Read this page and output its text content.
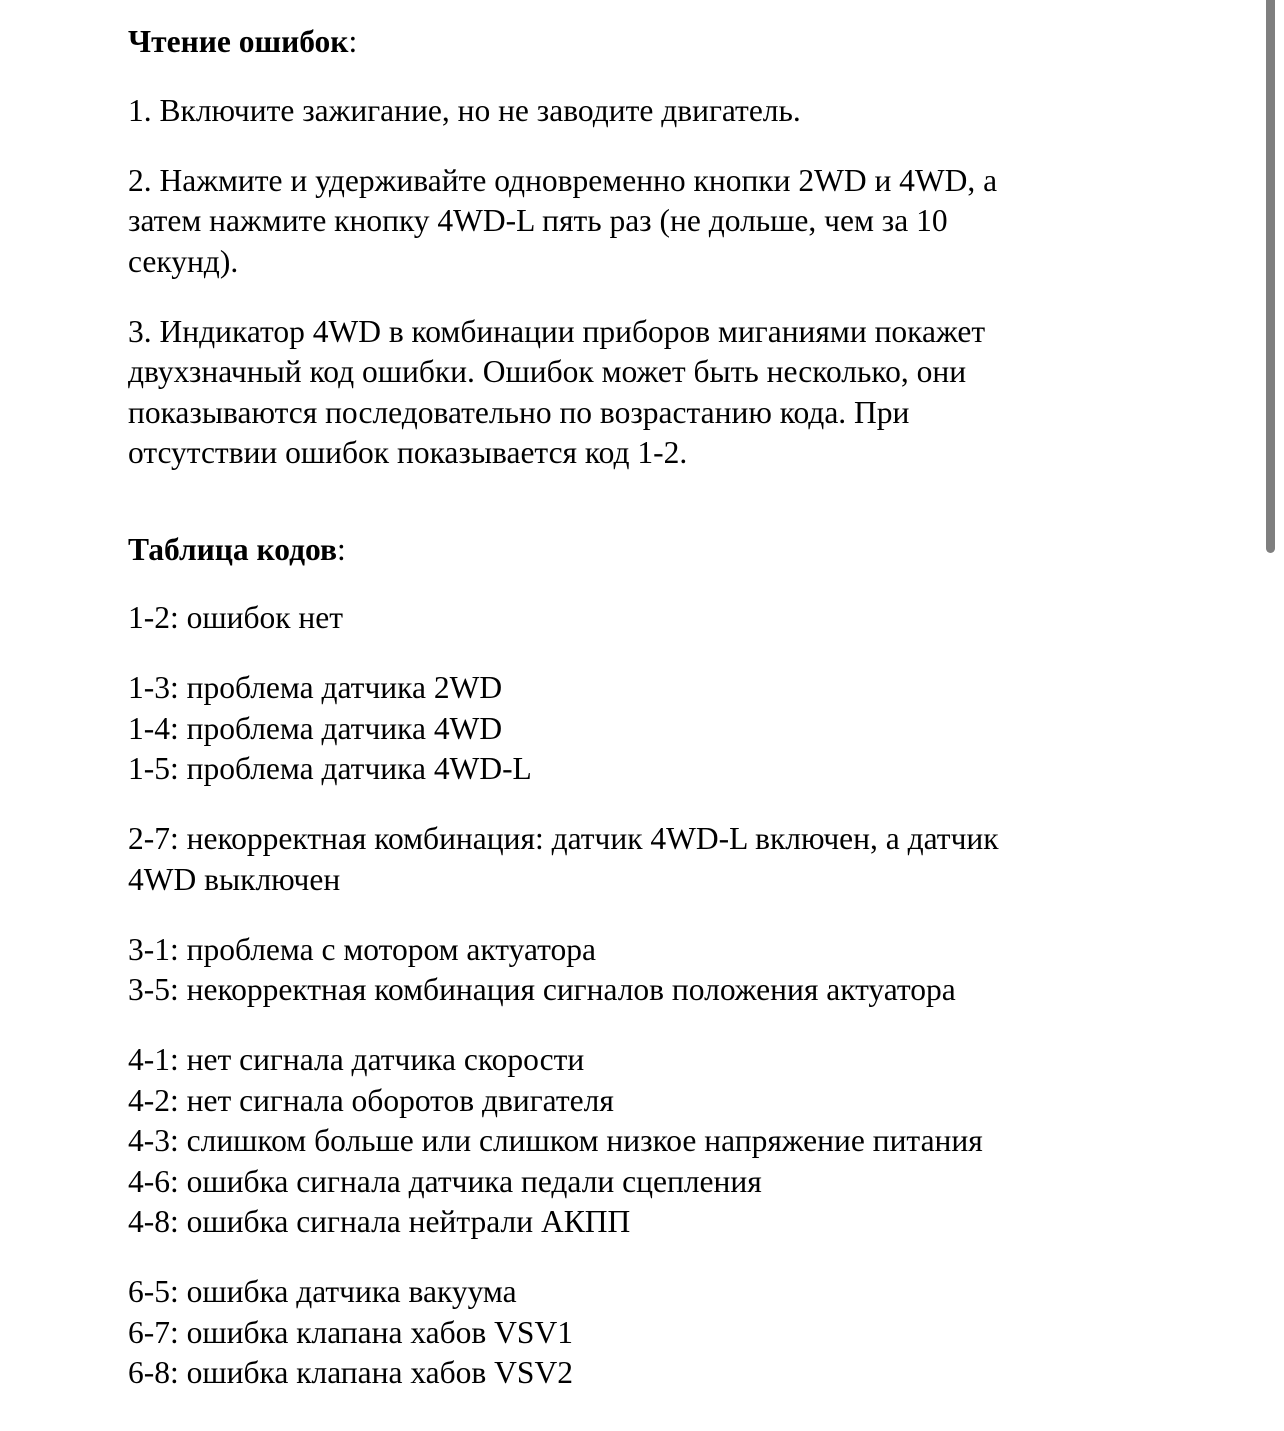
Чтение ошибок:

1. Включите зажигание, но не заводите двигатель.

2. Нажмите и удерживайте одновременно кнопки 2WD и 4WD, а
затем нажмите кнопку 4WD-L пять раз (не дольше, чем за 10
секунд).

3. Индикатор 4WD в комбинации приборов миганиями покажет
двухзначный код ошибки. Ошибок может быть несколько, они
показываются последовательно по возрастанию кода. При
отсутствии ошибок показывается код 1-2.

Таблица кодов:

1-2: ошибок нет

1-3: проблема датчика 2WD
1-4: проблема датчика 4WD
1-5: проблема датчика 4WD-L

2-7: некорректная комбинация: датчик 4WD-L включен, а датчик
4WD выключен

3-1: проблема с мотором актуатора
3-5: некорректная комбинация сигналов положения актуатора

4-1: нет сигнала датчика скорости
4-2: нет сигнала оборотов двигателя
4-3: слишком больше или слишком низкое напряжение питания
4-6: ошибка сигнала датчика педали сцепления
4-8: ошибка сигнала нейтрали АКПП

6-5: ошибка датчика вакуума
6-7: ошибка клапана хабов VSV1
6-8: ошибка клапана хабов VSV2
